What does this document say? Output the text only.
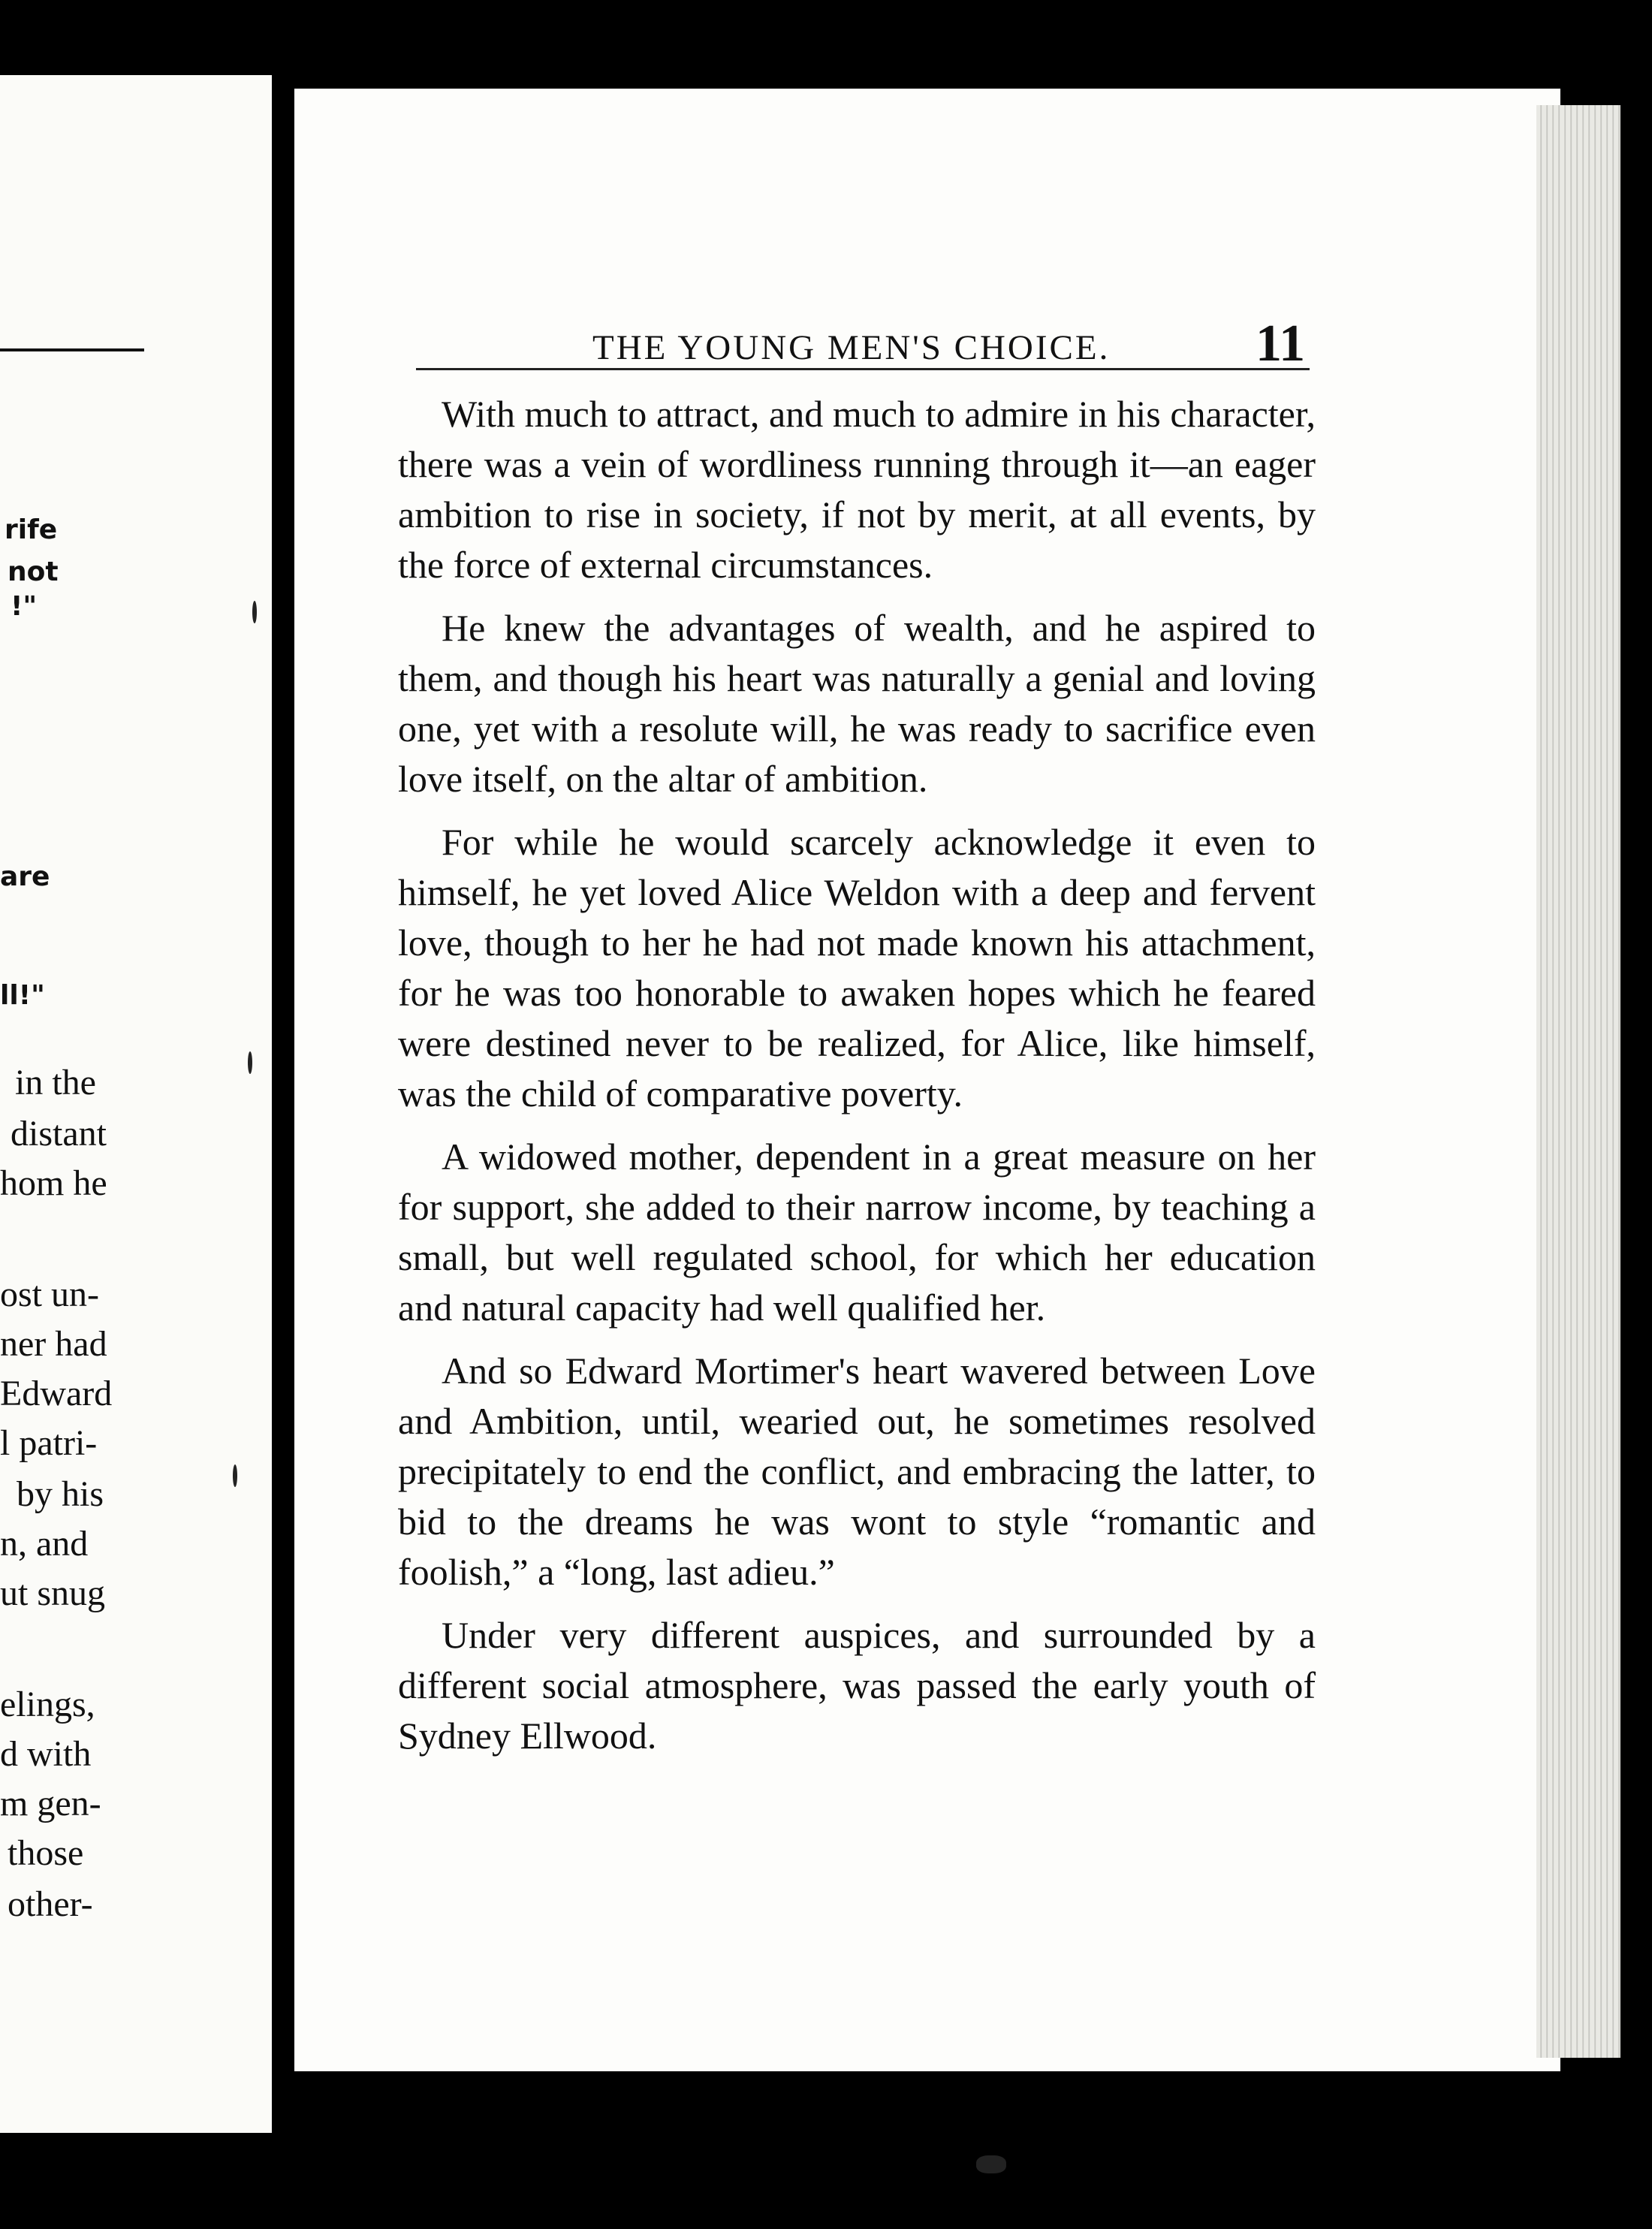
rife
not
!"
are
ll!"
in the
distant
hom he
ost un-
ner had
Edward
l patri-
by his
n, and
ut snug
elings,
d with
m gen-
those
other-
THE YOUNG MEN'S CHOICE.	11

With much to attract, and much to admire in his character, there was a vein of wordliness running through it—an eager ambition to rise in society, if not by merit, at all events, by the force of external circumstances.

He knew the advantages of wealth, and he aspired to them, and though his heart was naturally a genial and loving one, yet with a resolute will, he was ready to sacrifice even love itself, on the altar of ambition.

For while he would scarcely acknowledge it even to himself, he yet loved Alice Weldon with a deep and fervent love, though to her he had not made known his attachment, for he was too honorable to awaken hopes which he feared were destined never to be realized, for Alice, like himself, was the child of comparative poverty.

A widowed mother, dependent in a great measure on her for support, she added to their narrow income, by teaching a small, but well regulated school, for which her education and natural capacity had well qualified her.

And so Edward Mortimer's heart wavered between Love and Ambition, until, wearied out, he sometimes resolved precipitately to end the conflict, and embracing the latter, to bid to the dreams he was wont to style “romantic and foolish,” a “long, last adieu.”

Under very different auspices, and surrounded by a different social atmosphere, was passed the early youth of Sydney Ellwood.
